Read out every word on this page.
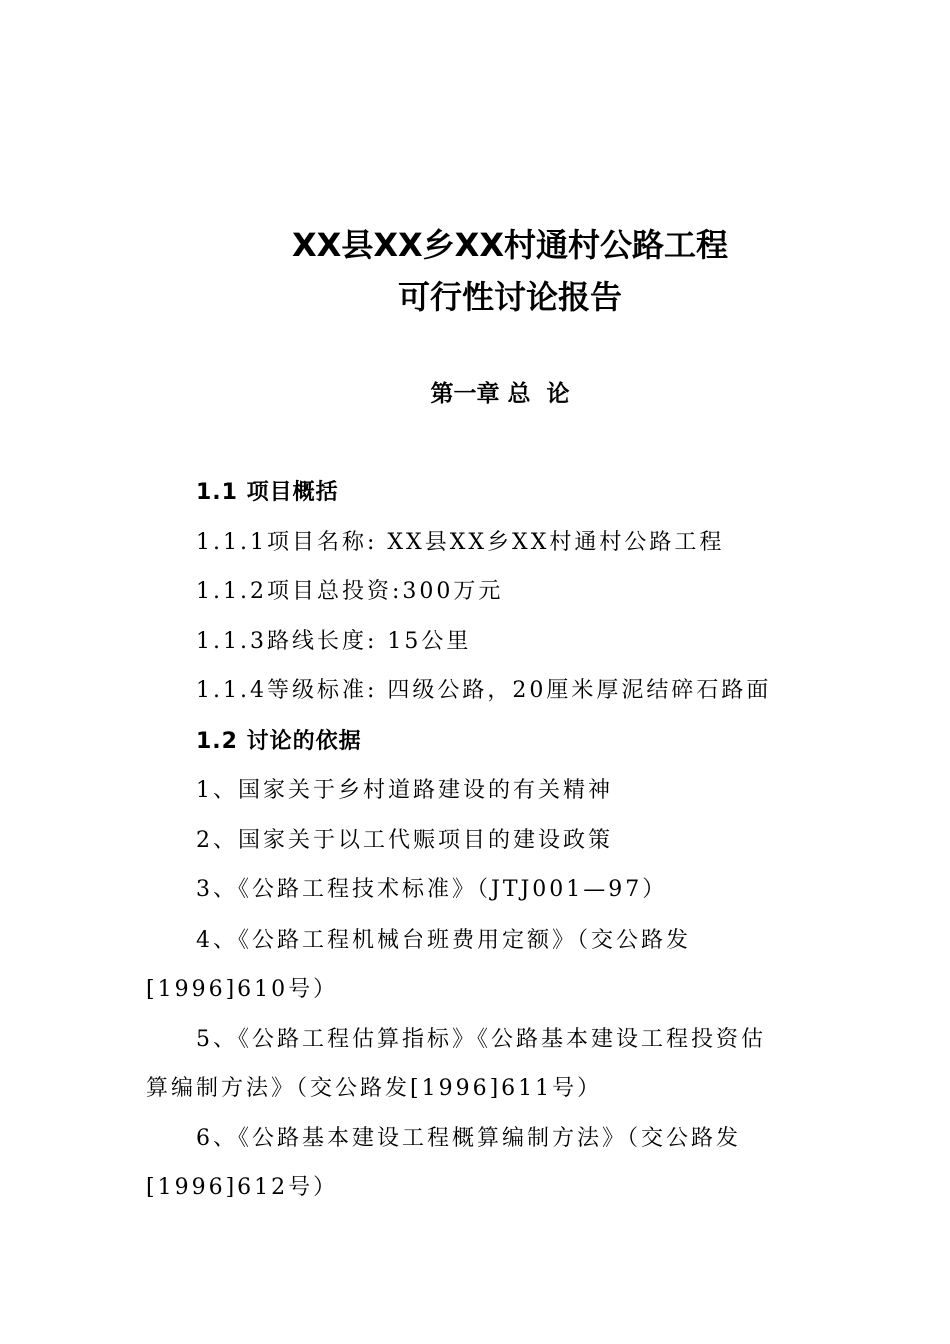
XX县XX乡XX村通村公路工程
可行性讨论报告
第一章 总  论
1.1 项目概括
1.1.1项目名称: XX县XX乡XX村通村公路工程
1.1.2项目总投资:300万元
1.1.3路线长度: 15公里
1.1.4等级标准: 四级公路，20厘米厚泥结碎石路面
1.2 讨论的依据
1、国家关于乡村道路建设的有关精神
2、国家关于以工代赈项目的建设政策
3、《公路工程技术标准》（JTJ001—97）
4、《公路工程机械台班费用定额》（交公路发
[1996]610号）
5、《公路工程估算指标》《公路基本建设工程投资估
算编制方法》（交公路发[1996]611号）
6、《公路基本建设工程概算编制方法》（交公路发
[1996]612号）
